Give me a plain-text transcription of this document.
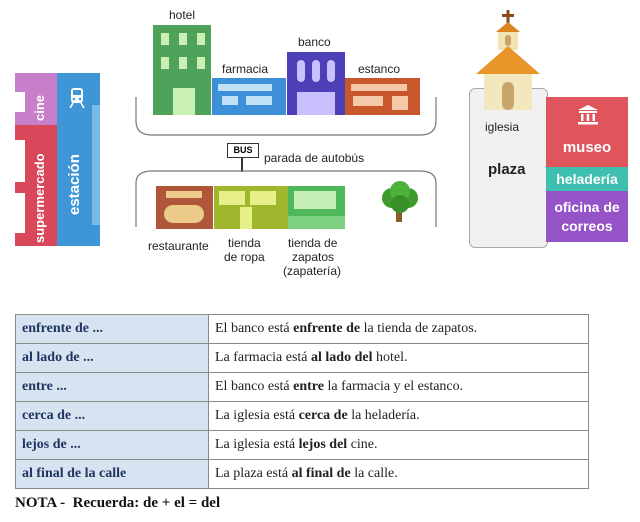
cine
supermercado estación
hotel
farmacia
banco
estanco
BUS
parada de autobús
restaurante tienda
de ropa
tienda de
zapatos
(zapatería)
iglesia
plaza
museo
heladería
oficina de
correos
enfrente de ...	El banco está enfrente de la tienda de zapatos.
al lado de ...	La farmacia está al lado del hotel.
entre ...	El banco está entre la farmacia y el estanco.
cerca de ...	La iglesia está cerca de la heladería.
lejos de ...	La iglesia está lejos del cine.
al final de la calle	La plaza está al final de la calle.
NOTA -  Recuerda: de + el = del
